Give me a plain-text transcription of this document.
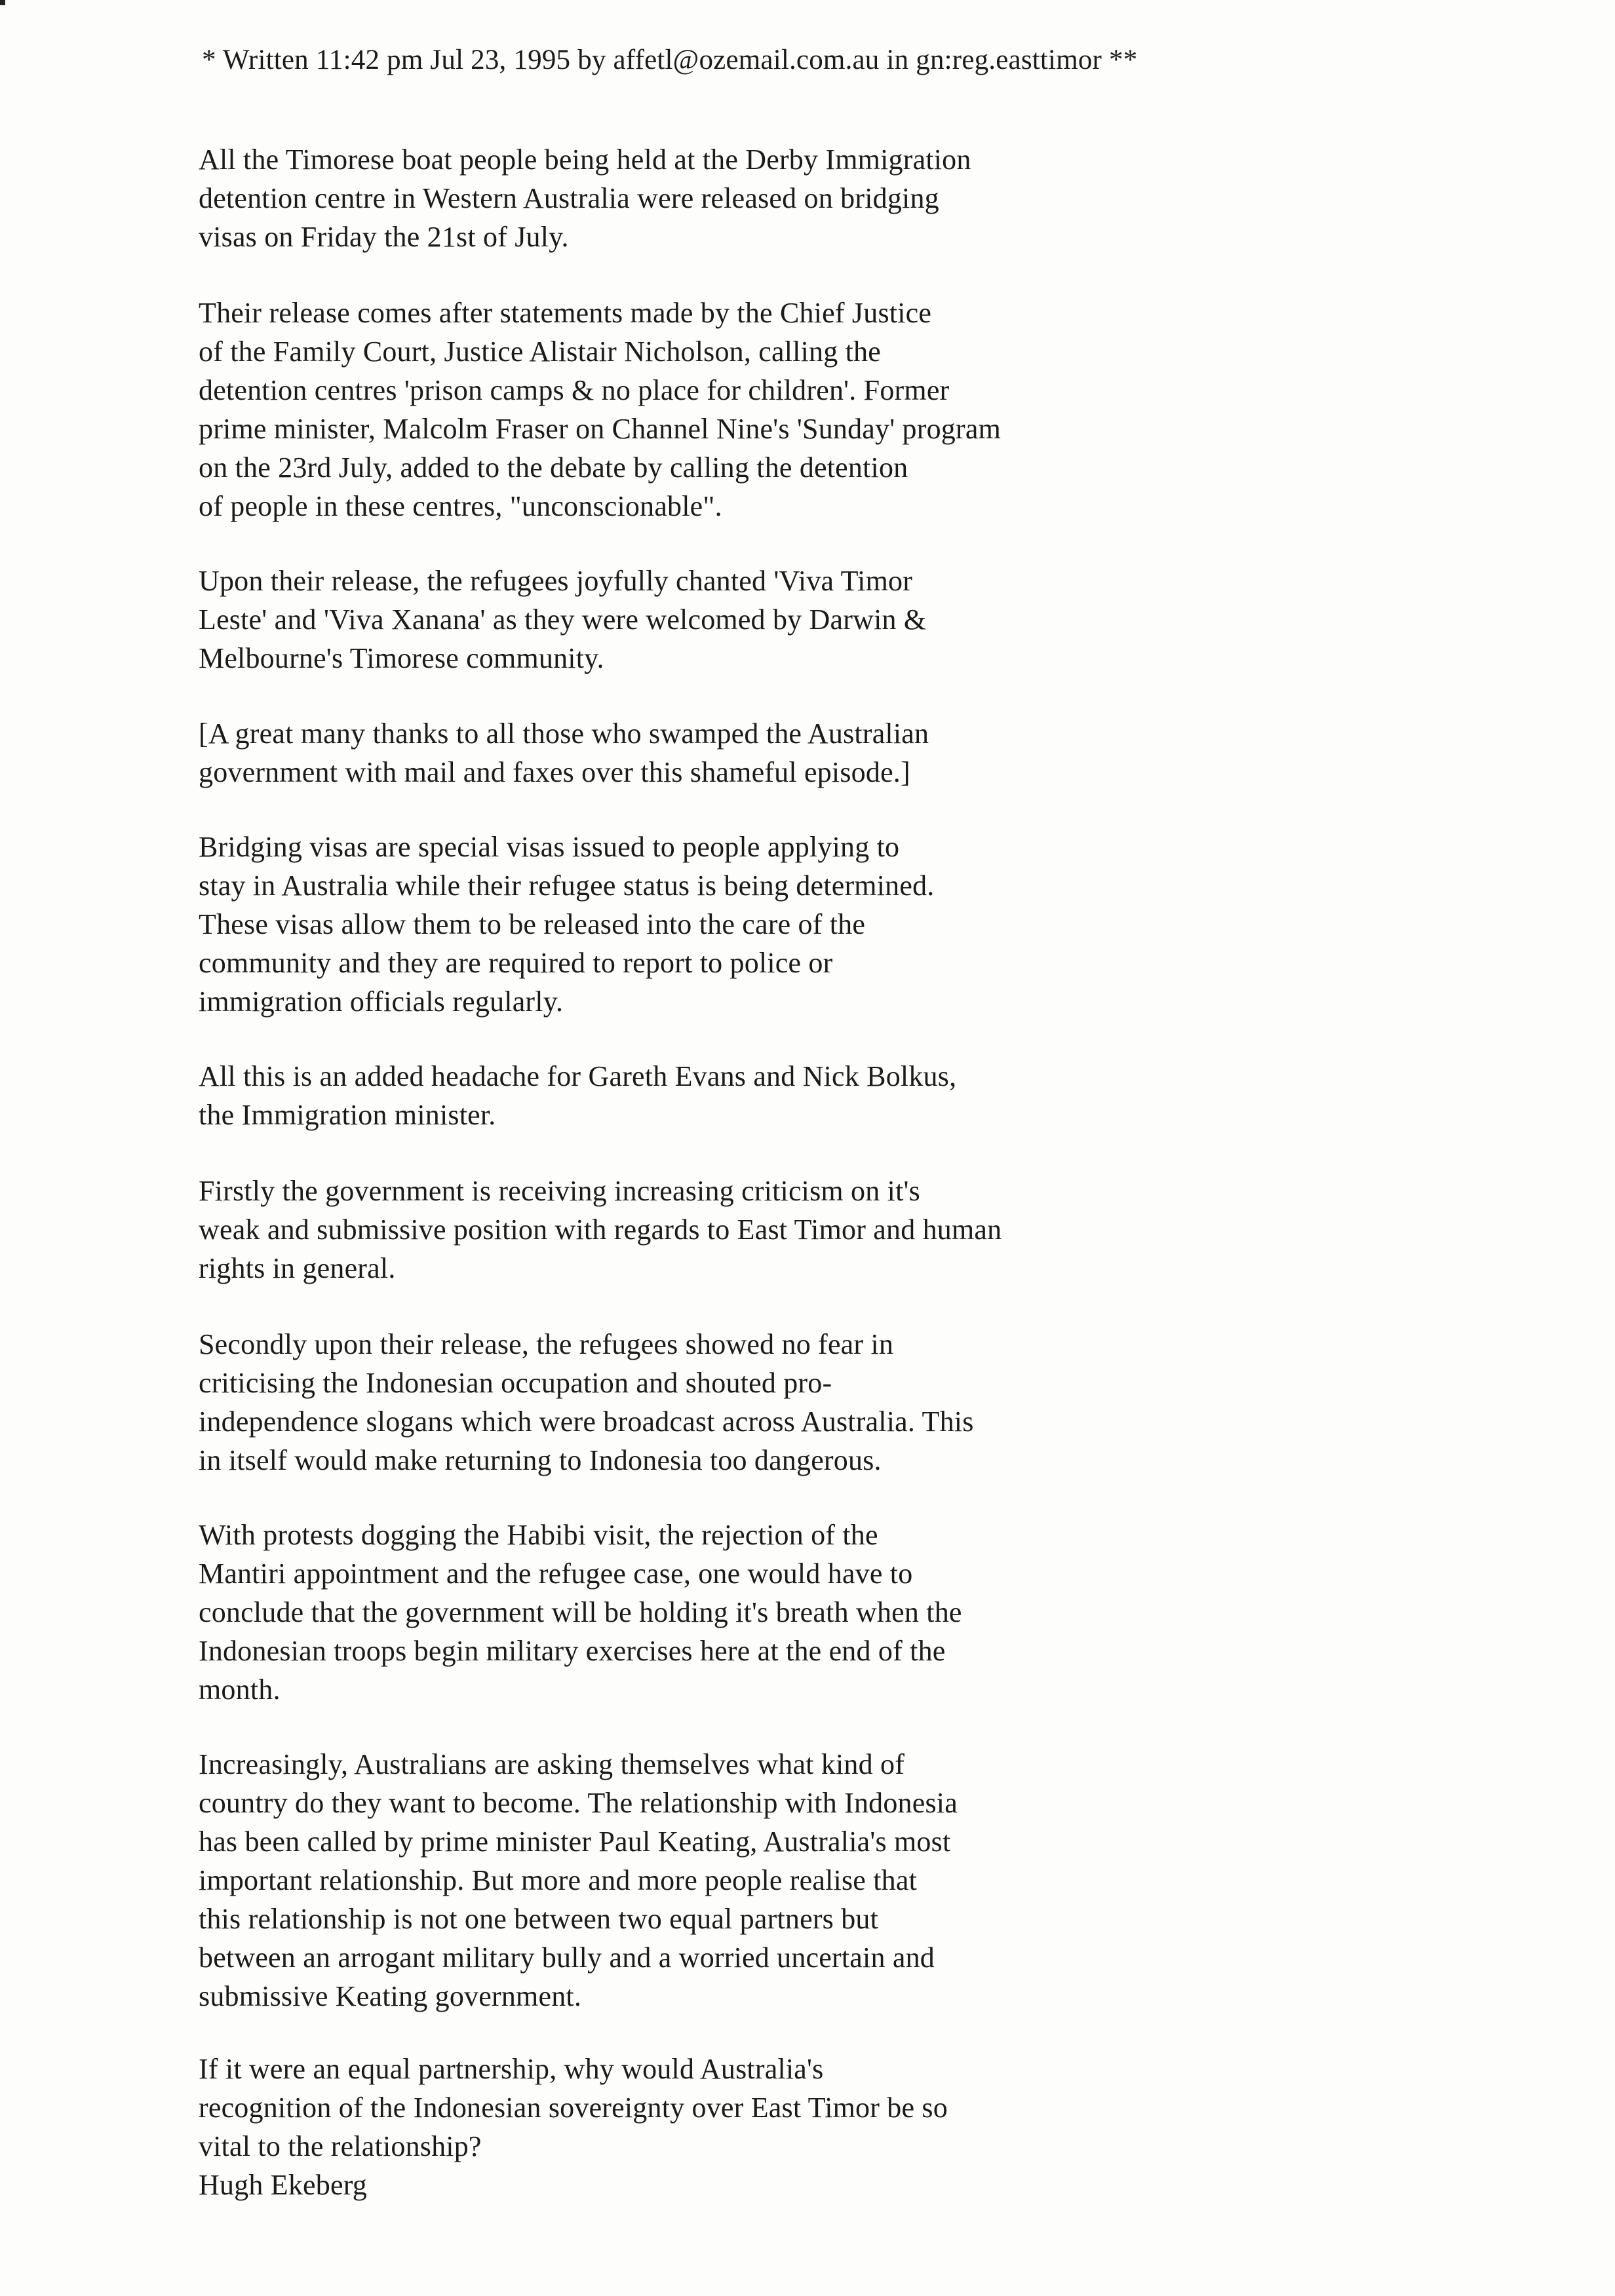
* Written 11:42 pm Jul 23, 1995 by affetl@ozemail.com.au in gn:reg.easttimor **
All the Timorese boat people being held at the Derby Immigration
detention centre in Western Australia were released on bridging
visas on Friday the 21st of July.
Their release comes after statements made by the Chief Justice
of the Family Court, Justice Alistair Nicholson, calling the
detention centres 'prison camps & no place for children'. Former
prime minister, Malcolm Fraser on Channel Nine's 'Sunday' program
on the 23rd July, added to the debate by calling the detention
of people in these centres, "unconscionable".
Upon their release, the refugees joyfully chanted 'Viva Timor
Leste' and 'Viva Xanana' as they were welcomed by Darwin &
Melbourne's Timorese community.
[A great many thanks to all those who swamped the Australian
government with mail and faxes over this shameful episode.]
Bridging visas are special visas issued to people applying to
stay in Australia while their refugee status is being determined.
These visas allow them to be released into the care of the
community and they are required to report to police or
immigration officials regularly.
All this is an added headache for Gareth Evans and Nick Bolkus,
the Immigration minister.
Firstly the government is receiving increasing criticism on it's
weak and submissive position with regards to East Timor and human
rights in general.
Secondly upon their release, the refugees showed no fear in
criticising the Indonesian occupation and shouted pro-
independence slogans which were broadcast across Australia. This
in itself would make returning to Indonesia too dangerous.
With protests dogging the Habibi visit, the rejection of the
Mantiri appointment and the refugee case, one would have to
conclude that the government will be holding it's breath when the
Indonesian troops begin military exercises here at the end of the
month.
Increasingly, Australians are asking themselves what kind of
country do they want to become. The relationship with Indonesia
has been called by prime minister Paul Keating, Australia's most
important relationship. But more and more people realise that
this relationship is not one between two equal partners but
between an arrogant military bully and a worried uncertain and
submissive Keating government.
If it were an equal partnership, why would Australia's
recognition of the Indonesian sovereignty over East Timor be so
vital to the relationship?
Hugh Ekeberg
